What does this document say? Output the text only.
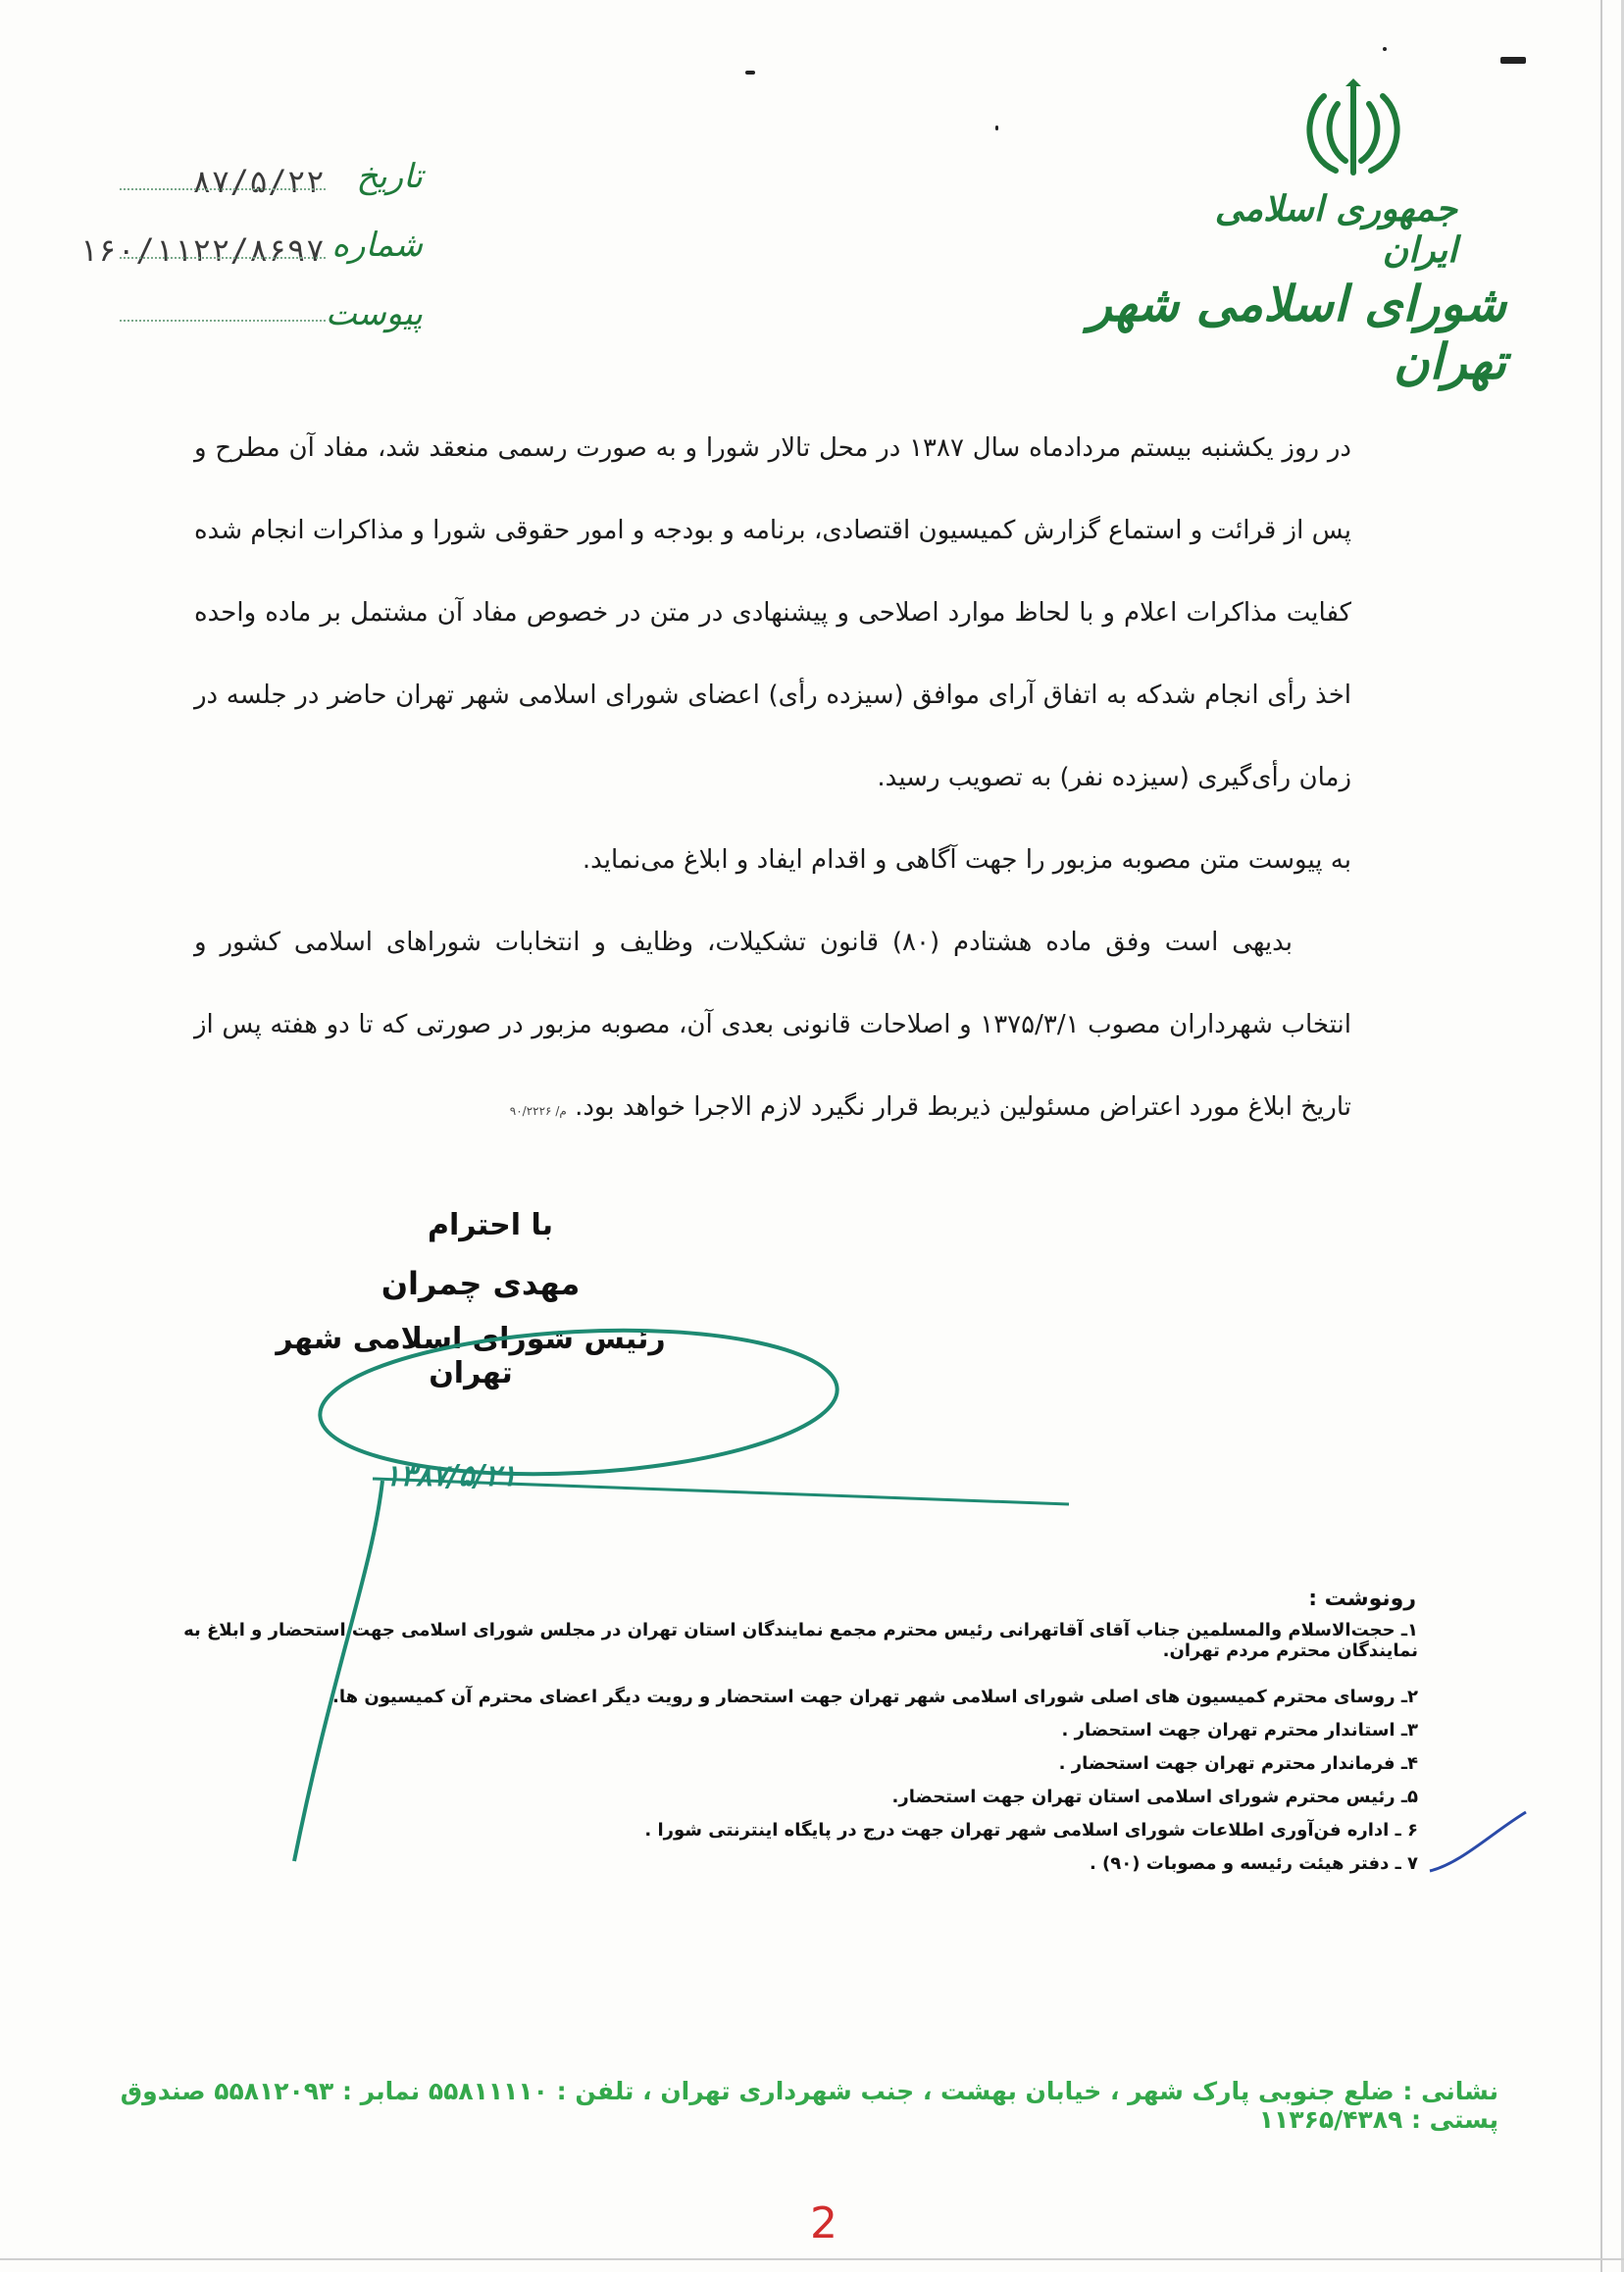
جمهوری اسلامی ایران
شورای اسلامی شهر تهران
تاریخ
۸۷/۵/۲۲
شماره
۱۶۰/۱۱۲۲/۸۶۹۷
پیوست

در روز یکشنبه بیستم مردادماه سال ۱۳۸۷ در محل تالار شورا و به صورت رسمی منعقد شد، مفاد آن مطرح و پس از قرائت و استماع گزارش کمیسیون اقتصادی، برنامه و بودجه و امور حقوقی شورا و مذاکرات انجام شده کفایت مذاکرات اعلام و با لحاظ موارد اصلاحی و پیشنهادی در متن در خصوص مفاد آن مشتمل بر ماده واحده اخذ رأی انجام شدکه به اتفاق آرای موافق (سیزده رأی) اعضای شورای اسلامی شهر تهران حاضر در جلسه در زمان رأی‌گیری (سیزده نفر) به تصویب رسید.

به پیوست متن مصوبه مزبور را جهت آگاهی و اقدام ایفاد و ابلاغ می‌نماید.

بدیهی است وفق ماده هشتادم (۸۰) قانون تشکیلات، وظایف و انتخابات شوراهای اسلامی کشور و انتخاب شهرداران مصوب ۱۳۷۵/۳/۱ و اصلاحات قانونی بعدی آن، مصوبه مزبور در صورتی که تا دو هفته پس از تاریخ ابلاغ مورد اعتراض مسئولین ذیربط قرار نگیرد لازم الاجرا خواهد بود. م/ ۹۰/۲۲۲۶

با احترام
مهدی چمران
رئیس شورای اسلامی شهر تهران
۱۳۸۷/۵/۲۱
رونوشت :
۱ـ حجت‌الاسلام والمسلمین جناب آقای آقاتهرانی رئیس محترم مجمع نمایندگان استان تهران در مجلس شورای اسلامی جهت استحضار و ابلاغ به نمایندگان محترم مردم تهران.
۲ـ روسای محترم کمیسیون های اصلی شورای اسلامی شهر تهران جهت استحضار و رویت دیگر اعضای محترم آن کمیسیون ها.
۳ـ استاندار محترم تهران جهت استحضار .
۴ـ فرماندار محترم تهران جهت استحضار .
۵ـ رئیس محترم شورای اسلامی استان تهران جهت استحضار.
۶ ـ اداره فن‌آوری اطلاعات شورای اسلامی شهر تهران جهت درج در پایگاه اینترنتی شورا .
۷ ـ دفتر هیئت رئیسه و مصوبات (۹۰) .
نشانی : ضلع جنوبی پارک شهر ، خیابان بهشت ، جنب شهرداری تهران ، تلفن : ۵۵۸۱۱۱۱۰ نمابر : ۵۵۸۱۲۰۹۳ صندوق پستی : ۱۱۳۶۵/۴۳۸۹
2
